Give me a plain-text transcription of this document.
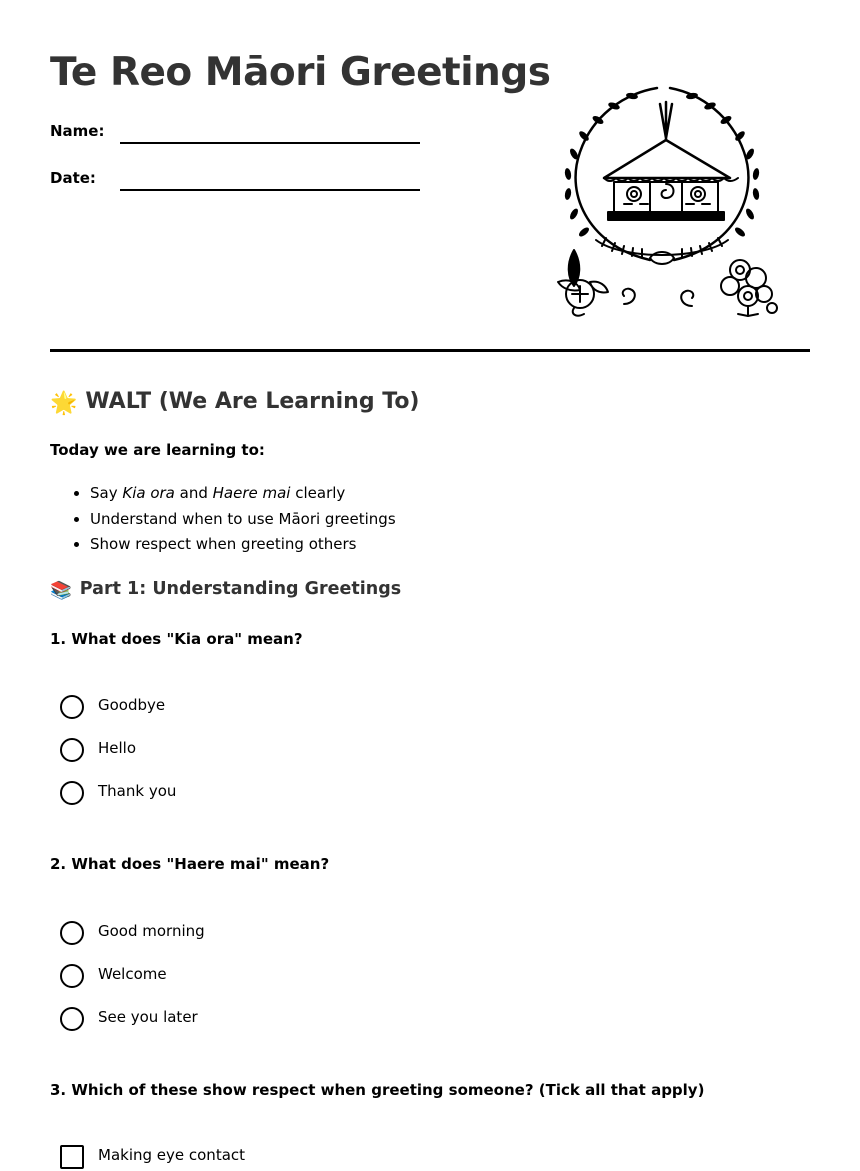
Te Reo Māori Greetings
Name:
Date:
🌟 WALT (We Are Learning To)
Today we are learning to:
• Say Kia ora and Haere mai clearly
• Understand when to use Māori greetings
• Show respect when greeting others
📚 Part 1: Understanding Greetings
1. What does "Kia ora" mean?
Goodbye
Hello
Thank you
2. What does "Haere mai" mean?
Good morning
Welcome
See you later
3. Which of these show respect when greeting someone? (Tick all that apply)
Making eye contact
